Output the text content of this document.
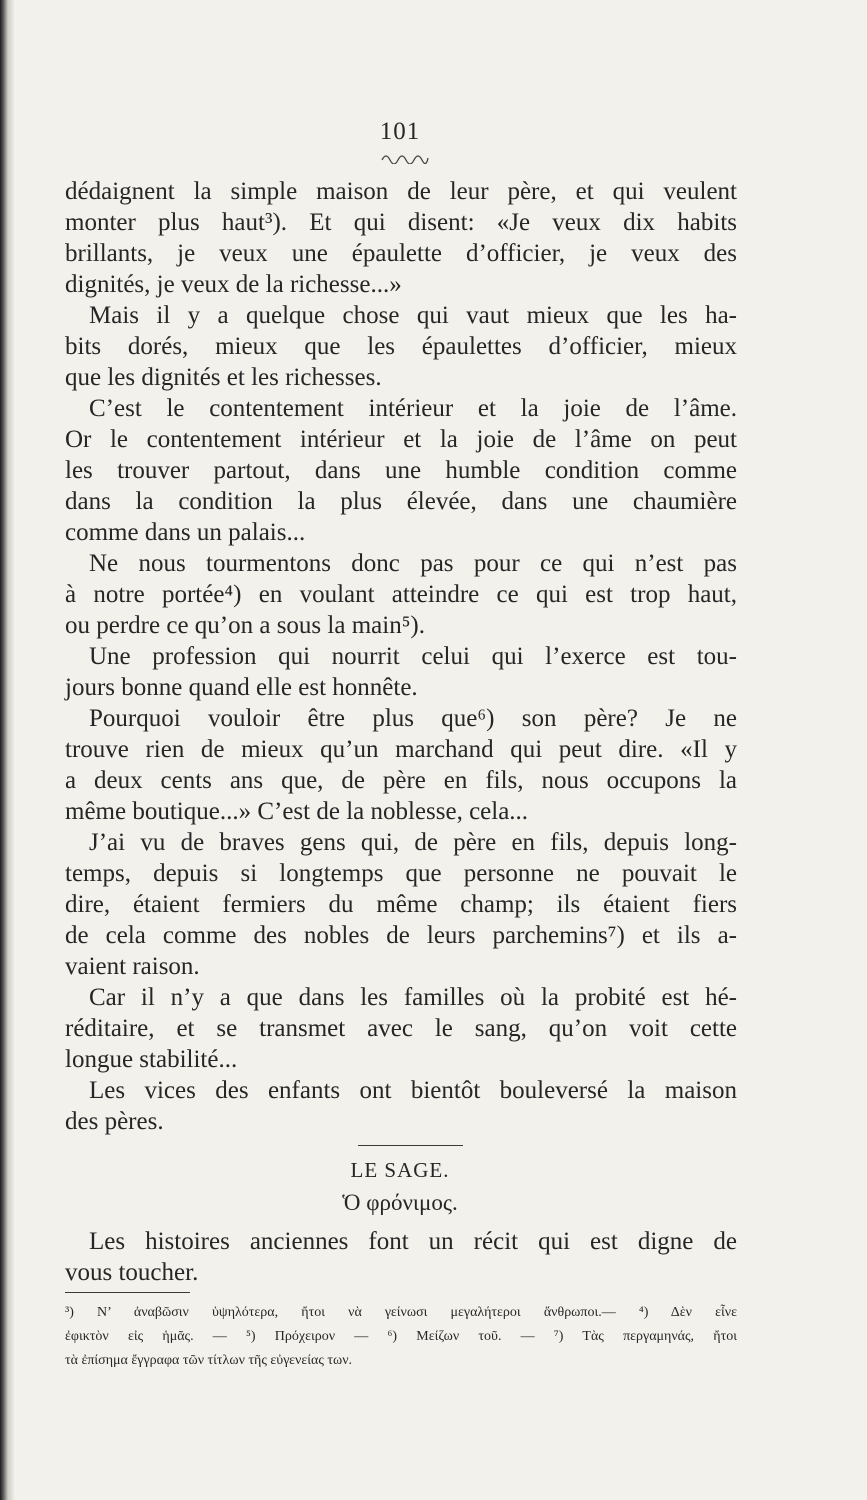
101
dédaignent la simple maison de leur père, et qui veulent
monter plus haut³). Et qui disent: «Je veux dix habits
brillants, je veux une épaulette d’officier, je veux des
dignités, je veux de la richesse...»
Mais il y a quelque chose qui vaut mieux que les ha-
bits dorés, mieux que les épaulettes d’officier, mieux
que les dignités et les richesses.
C’est le contentement intérieur et la joie de l’âme.
Or le contentement intérieur et la joie de l’âme on peut
les trouver partout, dans une humble condition comme
dans la condition la plus élevée, dans une chaumière
comme dans un palais...
Ne nous tourmentons donc pas pour ce qui n’est pas
à notre portée⁴) en voulant atteindre ce qui est trop haut,
ou perdre ce qu’on a sous la main⁵).
Une profession qui nourrit celui qui l’exerce est tou-
jours bonne quand elle est honnête.
Pourquoi vouloir être plus que⁶) son père? Je ne
trouve rien de mieux qu’un marchand qui peut dire. «Il y
a deux cents ans que, de père en fils, nous occupons la
même boutique...» C’est de la noblesse, cela...
J’ai vu de braves gens qui, de père en fils, depuis long-
temps, depuis si longtemps que personne ne pouvait le
dire, étaient fermiers du même champ; ils étaient fiers
de cela comme des nobles de leurs parchemins⁷) et ils a-
vaient raison.
Car il n’y a que dans les familles où la probité est hé-
réditaire, et se transmet avec le sang, qu’on voit cette
longue stabilité...
Les vices des enfants ont bientôt bouleversé la maison
des pères.
LE SAGE.
Ὁ φρόνιμος.
Les histoires anciennes font un récit qui est digne de
vous toucher.
³) Ν’ ἀναβῶσιν ὑψηλότερα, ἤτοι νὰ γείνωσι μεγαλήτεροι ἄνθρωποι.— ⁴) Δὲν εἶνε
ἐφικτὸν εἰς ἡμᾶς. — ⁵) Πρόχειρον — ⁶) Μείζων τοῦ. — ⁷) Τὰς περγαμηνάς, ἤτοι
τὰ ἐπίσημα ἔγγραφα τῶν τίτλων τῆς εὐγενείας των.
